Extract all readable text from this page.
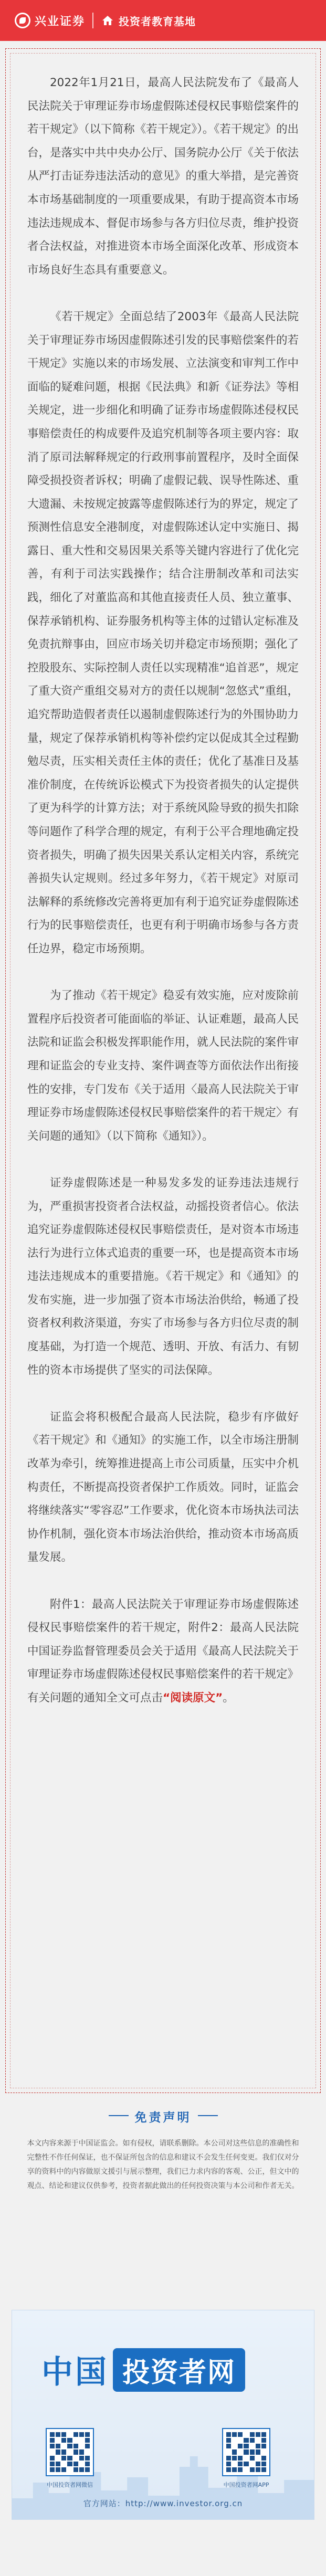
兴业证券	投资者教育基地

2022年1月21日，最高人民法院发布了《最高人民法院关于审理证券市场虚假陈述侵权民事赔偿案件的若干规定》（以下简称《若干规定》）。《若干规定》的出台，是落实中共中央办公厅、国务院办公厅《关于依法从严打击证券违法活动的意见》的重大举措，是完善资本市场基础制度的一项重要成果，有助于提高资本市场违法违规成本、督促市场参与各方归位尽责，维护投资者合法权益，对推进资本市场全面深化改革、形成资本市场良好生态具有重要意义。

《若干规定》全面总结了2003年《最高人民法院关于审理证券市场因虚假陈述引发的民事赔偿案件的若干规定》实施以来的市场发展、立法演变和审判工作中面临的疑难问题，根据《民法典》和新《证券法》等相关规定，进一步细化和明确了证券市场虚假陈述侵权民事赔偿责任的构成要件及追究机制等各项主要内容：取消了原司法解释规定的行政刑事前置程序，及时全面保障受损投资者诉权；明确了虚假记载、误导性陈述、重大遗漏、未按规定披露等虚假陈述行为的界定，规定了预测性信息安全港制度，对虚假陈述认定中实施日、揭露日、重大性和交易因果关系等关键内容进行了优化完善，有利于司法实践操作；结合注册制改革和司法实践，细化了对董监高和其他直接责任人员、独立董事、保荐承销机构、证券服务机构等主体的过错认定标准及免责抗辩事由，回应市场关切并稳定市场预期；强化了控股股东、实际控制人责任以实现精准“追首恶”，规定了重大资产重组交易对方的责任以规制“忽悠式”重组，追究帮助造假者责任以遏制虚假陈述行为的外围协助力量，规定了保荐承销机构等补偿约定以促成其全过程勤勉尽责，压实相关责任主体的责任；优化了基准日及基准价制度，在传统诉讼模式下为投资者损失的认定提供了更为科学的计算方法；对于系统风险导致的损失扣除等问题作了科学合理的规定，有利于公平合理地确定投资者损失，明确了损失因果关系认定相关内容，系统完善损失认定规则。经过多年努力，《若干规定》对原司法解释的系统修改完善将更加有利于追究证券虚假陈述行为的民事赔偿责任，也更有利于明确市场参与各方责任边界，稳定市场预期。

为了推动《若干规定》稳妥有效实施，应对废除前置程序后投资者可能面临的举证、认证难题，最高人民法院和证监会积极发挥职能作用，就人民法院的案件审理和证监会的专业支持、案件调查等方面依法作出衔接性的安排，专门发布《关于适用〈最高人民法院关于审理证券市场虚假陈述侵权民事赔偿案件的若干规定〉有关问题的通知》（以下简称《通知》）。

证券虚假陈述是一种易发多发的证券违法违规行为，严重损害投资者合法权益，动摇投资者信心。依法追究证券虚假陈述侵权民事赔偿责任，是对资本市场违法行为进行立体式追责的重要一环，也是提高资本市场违法违规成本的重要措施。《若干规定》和《通知》的发布实施，进一步加强了资本市场法治供给，畅通了投资者权利救济渠道，夯实了市场参与各方归位尽责的制度基础，为打造一个规范、透明、开放、有活力、有韧性的资本市场提供了坚实的司法保障。

证监会将积极配合最高人民法院，稳步有序做好《若干规定》和《通知》的实施工作，以全市场注册制改革为牵引，统筹推进提高上市公司质量，压实中介机构责任，不断提高投资者保护工作质效。同时，证监会将继续落实“零容忍”工作要求，优化资本市场执法司法协作机制，强化资本市场法治供给，推动资本市场高质量发展。

附件1：最高人民法院关于审理证券市场虚假陈述侵权民事赔偿案件的若干规定，附件2：最高人民法院 中国证券监督管理委员会关于适用《最高人民法院关于审理证券市场虚假陈述侵权民事赔偿案件的若干规定》有关问题的通知全文可点击“阅读原文”。

免责声明
本文内容来源于中国证监会。如有侵权，请联系删除。本公司对这些信息的准确性和完整性不作任何保证，也不保证所包含的信息和建议不会发生任何变更。我们仅对分享的资料中的内容做原文援引与展示整理，我们已力求内容的客观、公正，但文中的观点、结论和建议仅供参考，投资者据此做出的任何投资决策与本公司和作者无关。
中国 投资者网
中国投资者网微信	中国投资者网APP
官方网站：http://www.investor.org.cn
